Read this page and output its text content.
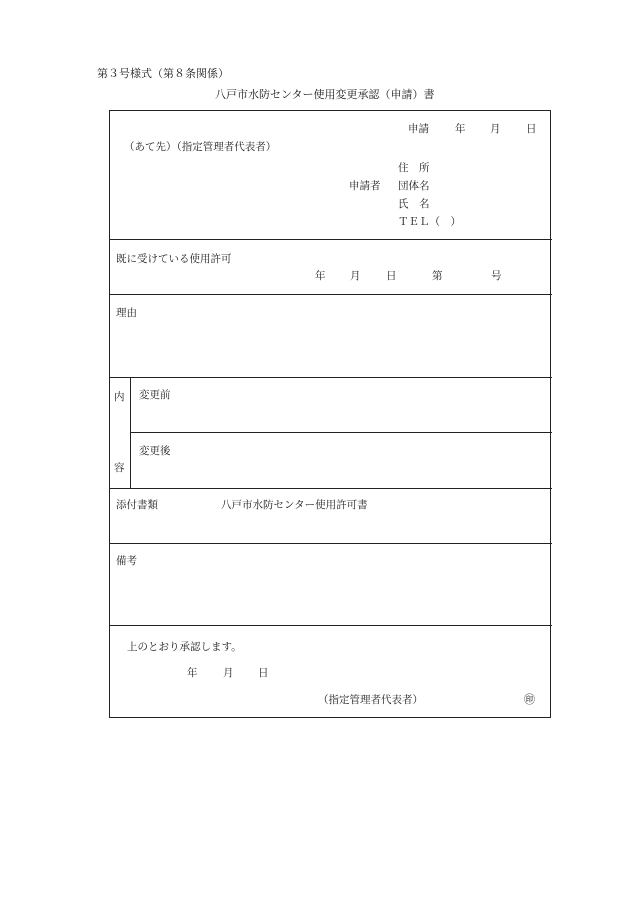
第３号様式（第８条関係）
八戸市水防センター使用変更承認（申請）書
申請 年 月 日
（あて先）（指定管理者代表者）
住　所
申請者 団体名
氏　名
ＴＥＬ（　）
既に受けている使用許可
年 月 日	第	号
理由
内
容
変更前
変更後
添付書類	八戸市水防センター使用許可書
備考
上のとおり承認します。
年 月 日
（指定管理者代表者）	㊞
